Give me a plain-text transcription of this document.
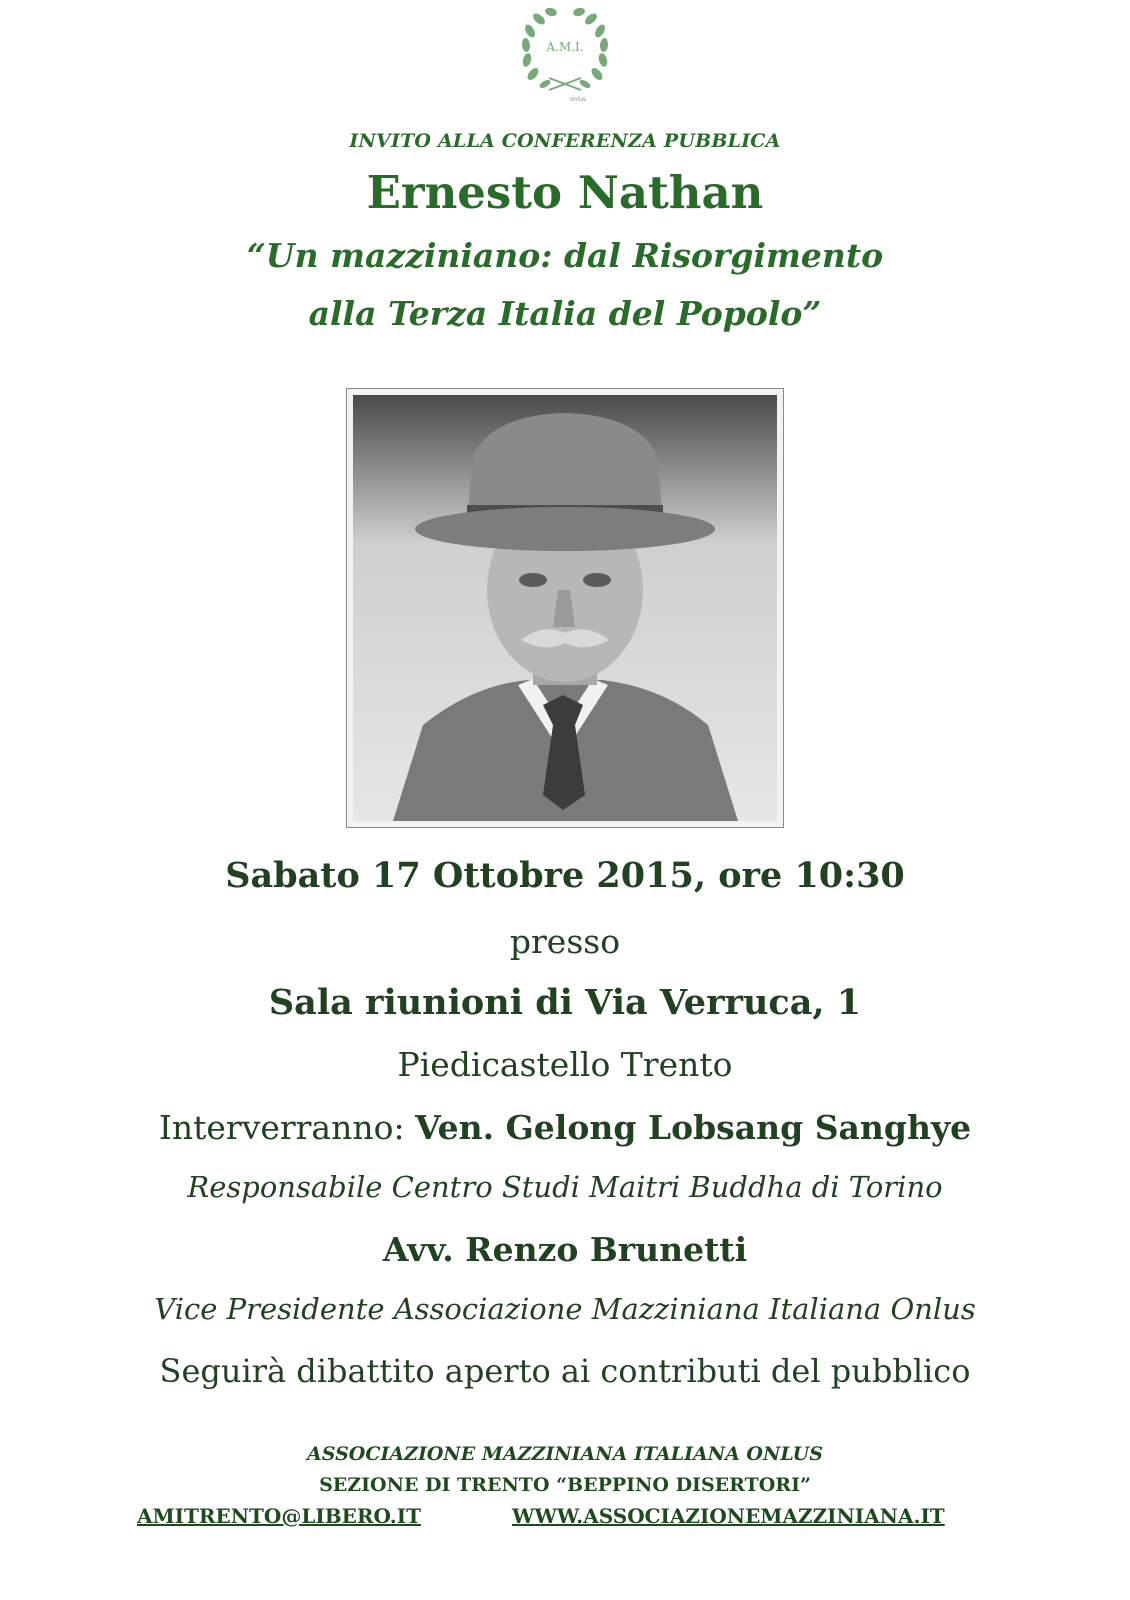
A.M.I.
onlus
INVITO ALLA CONFERENZA PUBBLICA
Ernesto Nathan
“Un mazziniano: dal Risorgimento
alla Terza Italia del Popolo”
Sabato 17 Ottobre 2015, ore 10:30
presso
Sala riunioni di Via Verruca, 1
Piedicastello Trento
Interverranno: Ven. Gelong Lobsang Sanghye
Responsabile Centro Studi Maitri Buddha di Torino
Avv. Renzo Brunetti
Vice Presidente Associazione Mazziniana Italiana Onlus
Seguirà dibattito aperto ai contributi del pubblico
ASSOCIAZIONE MAZZINIANA ITALIANA ONLUS
SEZIONE DI TRENTO “BEPPINO DISERTORI”
AMITRENTO@LIBERO.IT	WWW.ASSOCIAZIONEMAZZINIANA.IT
